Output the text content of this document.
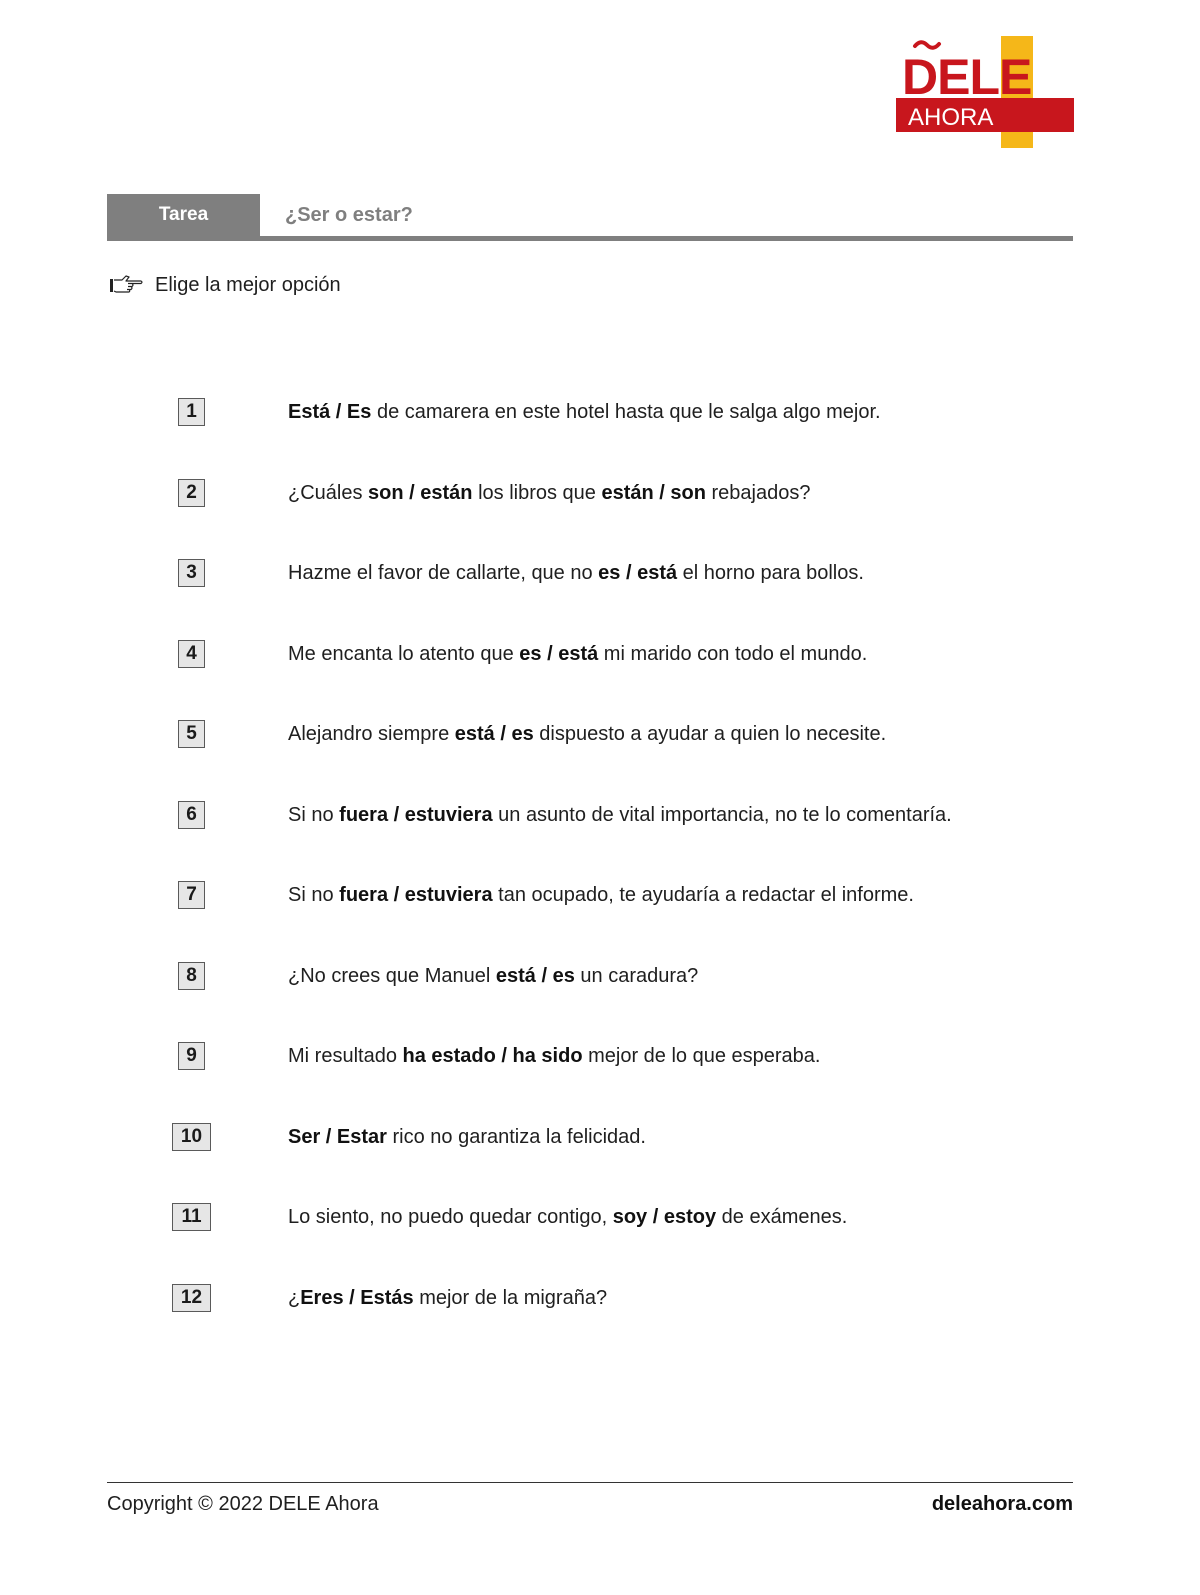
DELE
AHORA
Tarea	¿Ser o estar?
Elige la mejor opción
1	Está / Es de camarera en este hotel hasta que le salga algo mejor.
2	¿Cuáles son / están los libros que están / son rebajados?
3	Hazme el favor de callarte, que no es / está el horno para bollos.
4	Me encanta lo atento que es / está mi marido con todo el mundo.
5	Alejandro siempre está / es dispuesto a ayudar a quien lo necesite.
6	Si no fuera / estuviera un asunto de vital importancia, no te lo comentaría.
7	Si no fuera / estuviera tan ocupado, te ayudaría a redactar el informe.
8	¿No crees que Manuel está / es un caradura?
9	Mi resultado ha estado / ha sido mejor de lo que esperaba.
10	Ser / Estar rico no garantiza la felicidad.
11	Lo siento, no puedo quedar contigo, soy / estoy de exámenes.
12	¿Eres / Estás mejor de la migraña?
Copyright © 2022 DELE Ahora	deleahora.com
